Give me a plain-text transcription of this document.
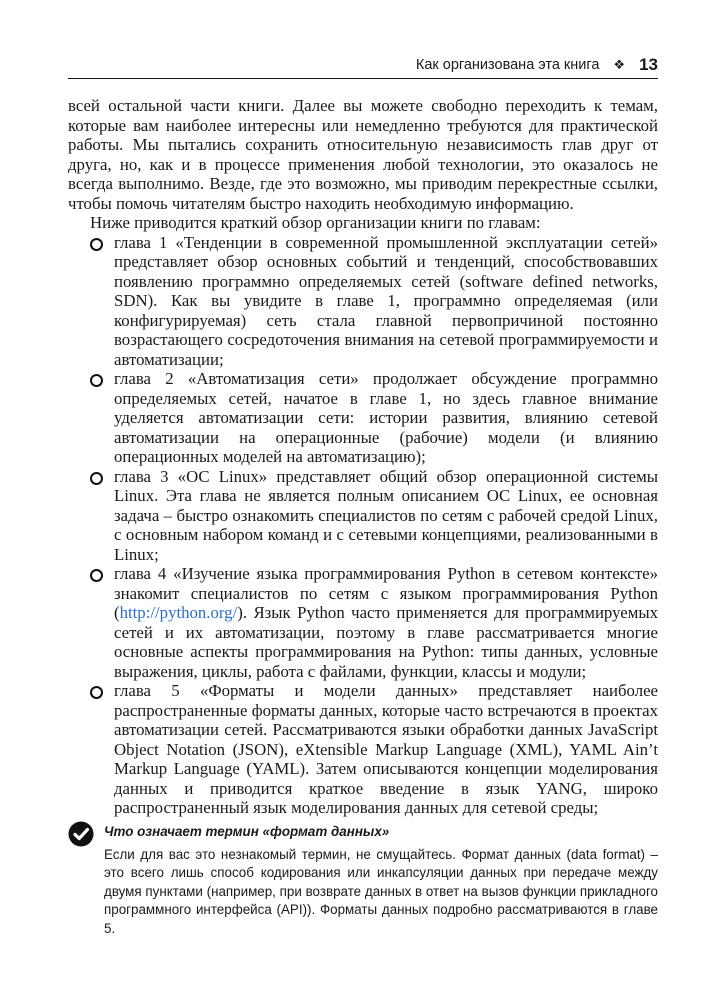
Как организована эта книга ❖ 13

всей остальной части книги. Далее вы можете свободно переходить к темам, которые вам наиболее интересны или немедленно требуются для практической работы. Мы пытались сохранить относительную независимость глав друг от друга, но, как и в процессе применения любой технологии, это оказалось не всегда выполнимо. Везде, где это возможно, мы приводим перекрестные ссылки, чтобы помочь читателям быстро находить необходимую информацию.

Ниже приводится краткий обзор организации книги по главам:

глава 1 «Тенденции в современной промышленной эксплуатации сетей» представляет обзор основных событий и тенденций, способствовавших появлению программно определяемых сетей (software defined networks, SDN). Как вы увидите в главе 1, программно определяемая (или конфигурируемая) сеть стала главной первопричиной постоянно возрастающего сосредоточения внимания на сетевой программируемости и автоматизации;
глава 2 «Автоматизация сети» продолжает обсуждение программно определяемых сетей, начатое в главе 1, но здесь главное внимание уделяется автоматизации сети: истории развития, влиянию сетевой автоматизации на операционные (рабочие) модели (и влиянию операционных моделей на автоматизацию);
глава 3 «ОС Linux» представляет общий обзор операционной системы Linux. Эта глава не является полным описанием ОС Linux, ее основная задача – быстро ознакомить специалистов по сетям с рабочей средой Linux, с основным набором команд и с сетевыми концепциями, реализованными в Linux;
глава 4 «Изучение языка программирования Python в сетевом контексте» знакомит специалистов по сетям с языком программирования Python (http://python.org/). Язык Python часто применяется для программируемых сетей и их автоматизации, поэтому в главе рассматривается многие основные аспекты программирования на Python: типы данных, условные выражения, циклы, работа с файлами, функции, классы и модули;
глава 5 «Форматы и модели данных» представляет наиболее распространенные форматы данных, которые часто встречаются в проектах автоматизации сетей. Рассматриваются языки обработки данных JavaScript Object Notation (JSON), eXtensible Markup Language (XML), YAML Ain’t Markup Language (YAML). Затем описываются концепции моделирования данных и приводится краткое введение в язык YANG, широко распространенный язык моделирования данных для сетевой среды;
Что означает термин «формат данных»
Если для вас это незнакомый термин, не смущайтесь. Формат данных (data format) – это всего лишь способ кодирования или инкапсуляции данных при передаче между двумя пунктами (например, при возврате данных в ответ на вызов функции прикладного программного интерфейса (API)). Форматы данных подробно рассматриваются в главе 5.
